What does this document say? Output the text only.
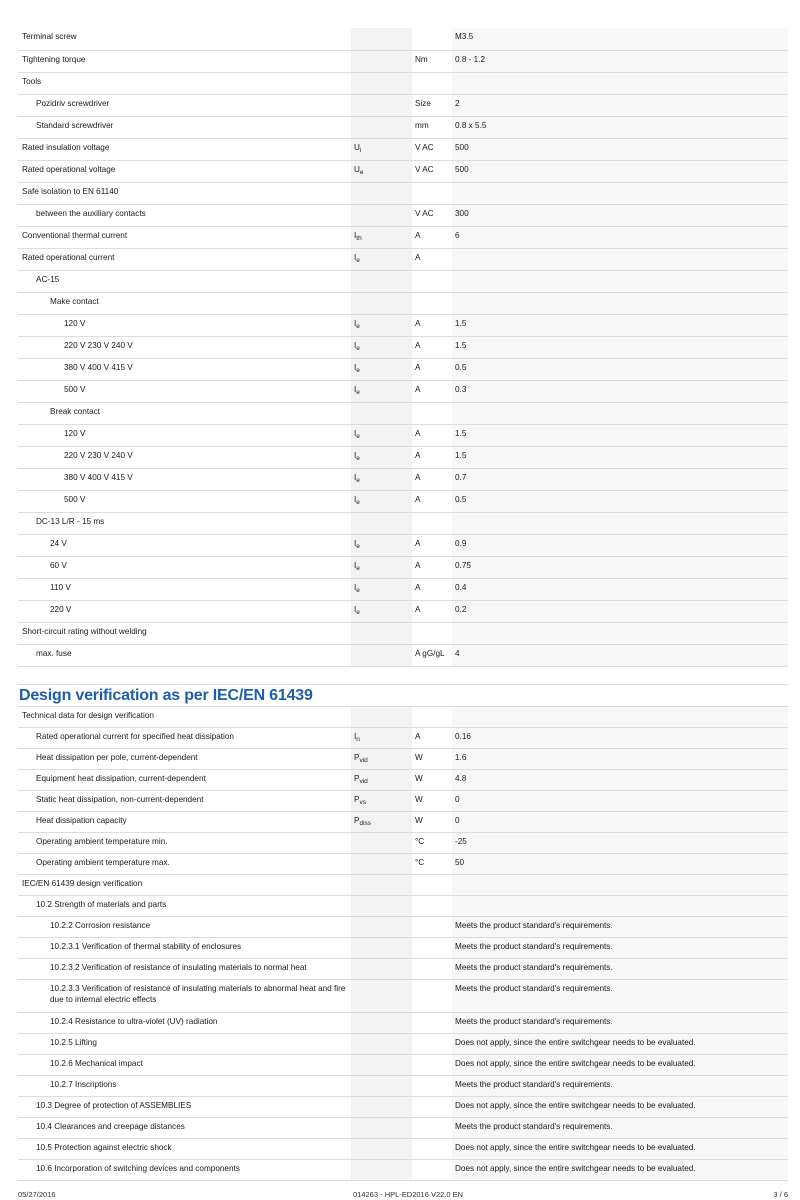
Terminal screw			M3.5
Tightening torque		Nm	0.8 - 1.2
Tools			
Pozidriv screwdriver		Size	2
Standard screwdriver		mm	0.8 x 5.5
Rated insulation voltage	$U_i$	V AC	500
Rated operational voltage	$U_e$	V AC	500
Safe isolation to EN 61140			
between the auxiliary contacts		V AC	300
Conventional thermal current	$I_{th}$	A	6
Rated operational current	$I_e$	A	
AC-15			
Make contact			
120 V	$I_e$	A	1.5
220 V 230 V 240 V	$I_e$	A	1.5
380 V 400 V 415 V	$I_e$	A	0.5
500 V	$I_e$	A	0.3
Break contact			
120 V	$I_e$	A	1.5
220 V 230 V 240 V	$I_e$	A	1.5
380 V 400 V 415 V	$I_e$	A	0.7
500 V	$I_e$	A	0.5
DC-13 L/R - 15 ms			
24 V	$I_e$	A	0.9
60 V	$I_e$	A	0.75
110 V	$I_e$	A	0.4
220 V	$I_e$	A	0.2
Short-circuit rating without welding			
max. fuse		A gG/gL	4
Design verification as per IEC/EN 61439
Technical data for design verification			
Rated operational current for specified heat dissipation	$I_n$	A	0.16
Heat dissipation per pole, current-dependent	$P_{vid}$	W	1.6
Equipment heat dissipation, current-dependent	$P_{vid}$	W	4.8
Static heat dissipation, non-current-dependent	$P_{vs}$	W	0
Heat dissipation capacity	$P_{diss}$	W	0
Operating ambient temperature min.		°C	-25
Operating ambient temperature max.		°C	50
IEC/EN 61439 design verification			
10.2 Strength of materials and parts			
10.2.2 Corrosion resistance			Meets the product standard's requirements.
10.2.3.1 Verification of thermal stability of enclosures			Meets the product standard's requirements.
10.2.3.2 Verification of resistance of insulating materials to normal heat			Meets the product standard's requirements.
10.2.3.3 Verification of resistance of insulating materials to abnormal heat and fire due to internal electric effects			Meets the product standard's requirements.
10.2.4 Resistance to ultra-violet (UV) radiation			Meets the product standard's requirements.
10.2.5 Lifting			Does not apply, since the entire switchgear needs to be evaluated.
10.2.6 Mechanical impact			Does not apply, since the entire switchgear needs to be evaluated.
10.2.7 Inscriptions			Meets the product standard's requirements.
10.3 Degree of protection of ASSEMBLIES			Does not apply, since the entire switchgear needs to be evaluated.
10.4 Clearances and creepage distances			Meets the product standard's requirements.
10.5 Protection against electric shock			Does not apply, since the entire switchgear needs to be evaluated.
10.6 Incorporation of switching devices and components			Does not apply, since the entire switchgear needs to be evaluated.
05/27/2016	014263 - HPL-ED2016 V22.0 EN	3 / 6
